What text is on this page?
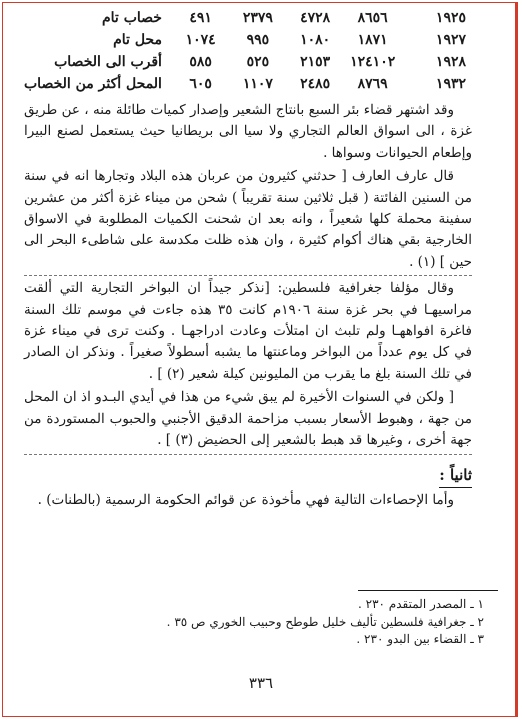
١٩٢٥	٨٦٥٦	٤٧٢٨	٢٣٧٩	٤٩١	خصاب تام
١٩٢٧	١٨٧١	١٠٨٠	٩٩٥	١٠٧٤	محل تام
١٩٢٨	١٢٤١٠٢	٢١٥٣	٥٢٥	٥٨٥	أقرب الى الخصاب
١٩٣٢	٨٧٦٩	٢٤٨٥	١١٠٧	٦٠٥	المحل أكثر من الخصاب

وقد اشتهر قضاء بئر السبع بانتاج الشعير وإصدار كميات طائلة منه ، عن طريق غزة ، الى اسواق العالم التجاري ولا سيا الى بريطانيا حيث يستعمل لصنع البيرا وإطعام الحيوانات وسواها .

قال عارف العارف [ حدثني كثيرون من عربان هذه البلاد وتجارها انه في سنة من السنين الفائتة ( قبل ثلاثين سنة تقريباً ) شحن من ميناء غزة أكثر من عشرين سفينة محملة كلها شعيراً ، وانه بعد ان شحنت الكميات المطلوبة في الاسواق الخارجية بقي هناك أكوام كثيرة ، وان هذه ظلت مكدسة على شاطىء البحر الى حين ] (١) .

وقال مؤلفا جغرافية فلسطين: [نذكر جيداً ان البواخر التجارية التي ألقت مراسيهـا في بحر غزة سنة ١٩٠٦م كانت ٣٥ هذه جاءت في موسم تلك السنة فاغرة افواههـا ولم تلبث ان امتلأت وعادت ادراجهـا . وكنت ترى في ميناء غزة في كل يوم عدداً من البواخر وماعنتها ما يشبه أسطولاً صغيراً . ونذكر ان الصادر في تلك السنة بلغ ما يقرب من المليونين كيلة شعير (٢) ] .

[ ولكن في السنوات الأخيرة لم يبق شيء من هذا في أيدي البـدو اذ ان المحل من جهة ، وهبوط الأسعار بسبب مزاحمة الدقيق الأجنبي والحبوب المستوردة من جهة أخرى ، وغيرها قد هبط بالشعير إلى الحضيض (٣) ] .

ثانياً :

وأما الإحصاءات التالية فهي مأخوذة عن قوائم الحكومة الرسمية (بالطنات) .

١ ـ المصدر المتقدم ٢٣٠ .
٢ ـ جغرافية فلسطين تأليف خليل طوطح وحبيب الخوري ص ٣٥ .
٣ ـ القضاء بين البدو ٢٣٠ .
٣٣٦
